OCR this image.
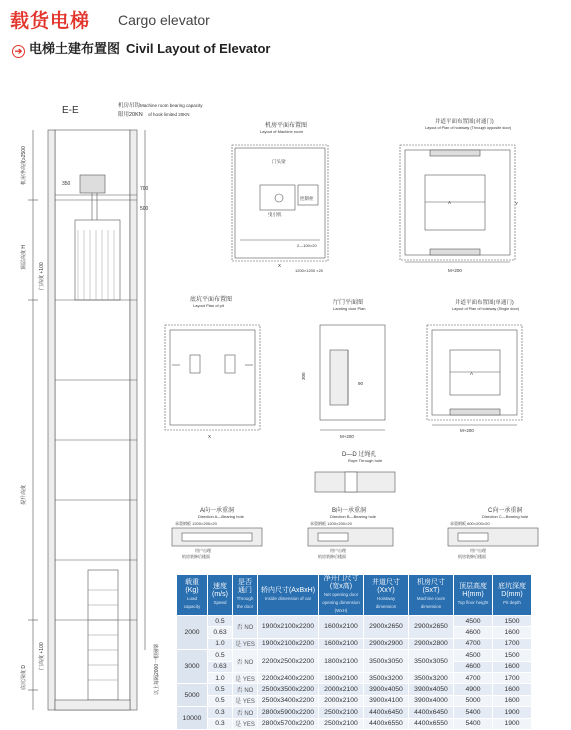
载货电梯 Cargo elevator
➔ 电梯土建布置图 Civil Layout of Elevator
E-E	机房吊钩 Machine room bearing capacity
限用20KN of hook limited 20KN
350
700
500
机房净高度≥2500
顶层高度 H
门高度 +100
提升高度
门高度 +100
底坑深度 D	以上每隔2000一根圈梁
机房平面布置图
Layout of Machine room
门头梁
控制柜
曳引机
X
1200×1200 ×20
2—100×20
井道平面布置图(对通门)
Layout of Plan of hoistway (Through opposite door)
A
M+200
Y
底坑平面布置图
Layout Plan of pit
X
厅门平面图
Landing door Plan
300
90
M+200
井道平面布置图(单通门)
Layout of Plan of hoistway (Single door)
A
M+200
D—D 过绳孔
Rope Through hole
A向一承重洞
Direction A—Bearing hole
承重钢板 1200×200×20
用户自理
机房装修后楼面
B向一承重洞
Direction B—Bearing hole
承重钢板 1200×200×20
用户自理
机房装修后楼面
C向一承重洞
Direction C—Bearing hole
承重钢板 600×200×20
用户自理
机房装修后楼面
载重(Kg)
Load capacity	速度(m/s)
Speed	是否通门
Through the door	轿内尺寸(AxBxH)
Inside dimension of car	净开门尺寸(宽x高)
Net opening door opening dimension (WxH)	井道尺寸(XxY)
Hoistway dimension	机房尺寸(SxT)
Machine room dimension	顶层高度H(mm)
Top floor height	底坑深度D(mm)
Pit depth

2000	0.5	否 NO	1900x2100x2200	1600x2100	2900x2650	2900x2650	4500	1500
	0.63						4600	1600
	1.0	是 YES	1900x2100x2200	1600x2100	2900x2900	2900x2800	4700	1700
3000	0.5	否 NO	2200x2500x2200	1800x2100	3500x3050	3500x3050	4500	1500
	0.63						4600	1600
	1.0	是 YES	2200x2400x2200	1800x2100	3500x3200	3500x3200	4700	1700
5000	0.5	否 NO	2500x3500x2200	2000x2100	3900x4050	3900x4050	4900	1600
	0.5	是 YES	2500x3400x2200	2000x2100	3900x4100	3900x4000	5000	1600
10000	0.3	否 NO	2800x5900x2200	2500x2100	4400x6450	4400x6450	5400	1900
	0.3	是 YES	2800x5700x2200	2500x2100	4400x6550	4400x6550	5400	1900
